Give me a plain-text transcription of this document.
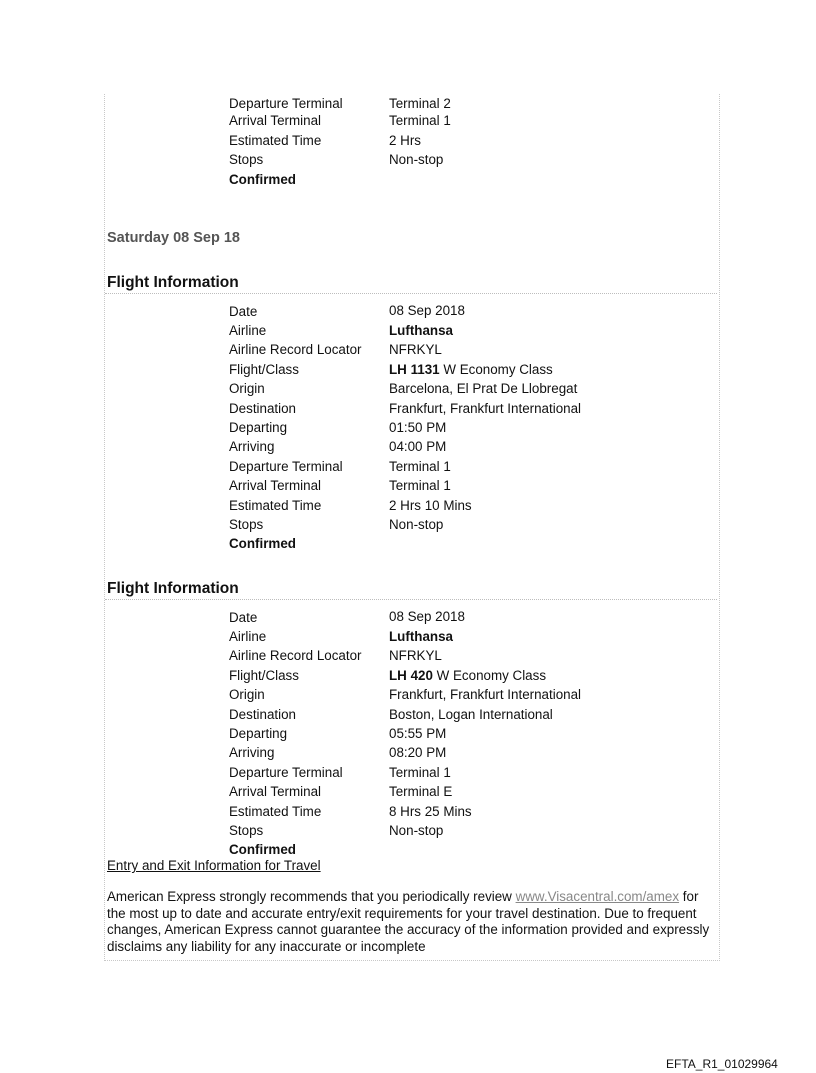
Departure Terminal	Terminal 2
Arrival Terminal	Terminal 1
Estimated Time	2 Hrs
Stops	Non-stop
Confirmed
Saturday 08 Sep 18
Flight Information
Date	08 Sep 2018
Airline	Lufthansa
Airline Record Locator NFRKYL
Flight/Class	LH 1131 W Economy Class
Origin	Barcelona, El Prat De Llobregat
Destination	Frankfurt, Frankfurt International
Departing	01:50 PM
Arriving	04:00 PM
Departure Terminal	Terminal 1
Arrival Terminal	Terminal 1
Estimated Time	2 Hrs 10 Mins
Stops	Non-stop
Confirmed
Flight Information
Date	08 Sep 2018
Airline	Lufthansa
Airline Record Locator NFRKYL
Flight/Class	LH 420 W Economy Class
Origin	Frankfurt, Frankfurt International
Destination	Boston, Logan International
Departing	05:55 PM
Arriving	08:20 PM
Departure Terminal	Terminal 1
Arrival Terminal	Terminal E
Estimated Time	8 Hrs 25 Mins
Stops	Non-stop
Confirmed
Entry and Exit Information for Travel
American Express strongly recommends that you periodically review www.Visacentral.com/amex for the most up to date and accurate entry/exit requirements for your travel destination. Due to frequent changes, American Express cannot guarantee the accuracy of the information provided and expressly disclaims any liability for any inaccurate or incomplete
EFTA_R1_01029964
